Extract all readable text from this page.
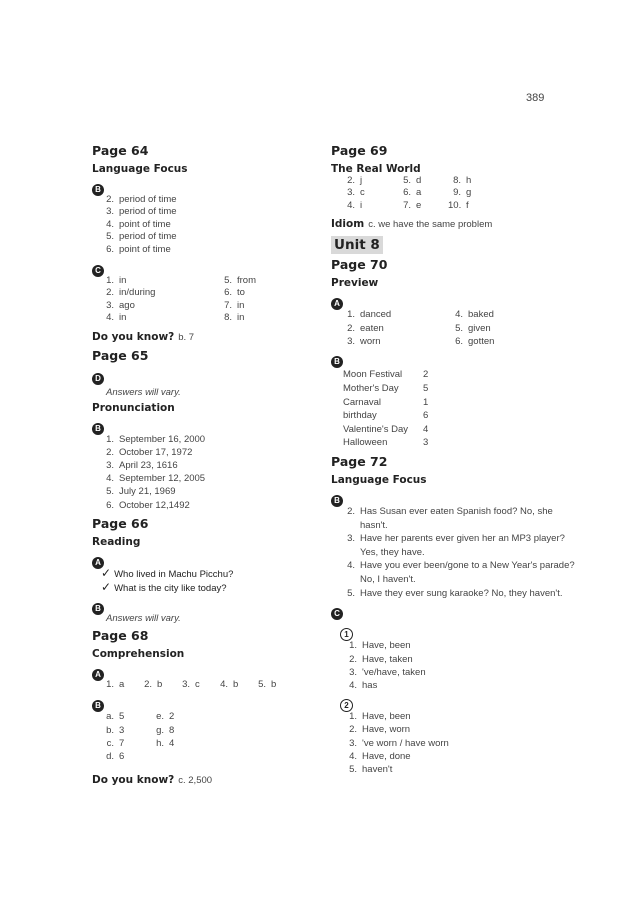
389
Page 64
Language Focus
B
2. period of time
3. period of time
4. point of time
5. period of time
6. point of time
C
1. in	5. from
2. in/during	6. to
3. ago	7. in
4. in	8. in
Do you know? b. 7
Page 65
D
Answers will vary.
Pronunciation
B
1. September 16, 2000
2. October 17, 1972
3. April 23, 1616
4. September 12, 2005
5. July 21, 1969
6. October 12,1492
Page 66
Reading
A
✓ Who lived in Machu Picchu?
✓ What is the city like today?
B
Answers will vary.
Page 68
Comprehension
A
1. a 2. b 3. c 4. b 5. b
B
a. 5	e. 2
b. 3	g. 8
c. 7	h. 4
d. 6
Do you know? c. 2,500
Page 69
The Real World
2. j	5. d	8. h
3. c	6. a	9. g
4. i	7. e	10. f
Idiom c. we have the same problem
Unit 8
Page 70
Preview
A
1. danced	4. baked
2. eaten	5. given
3. worn	6. gotten
B
Moon Festival	2
Mother's Day	5
Carnaval	1
birthday	6
Valentine's Day	4
Halloween	3
Page 72
Language Focus
B
2. Has Susan ever eaten Spanish food? No, she hasn't.
3. Have her parents ever given her an MP3 player? Yes, they have.
4. Have you ever been/gone to a New Year's parade? No, I haven't.
5. Have they ever sung karaoke? No, they haven't.
C
1
1. Have, been
2. Have, taken
3. 've/have, taken
4. has
2
1. Have, been
2. Have, worn
3. 've worn / have worn
4. Have, done
5. haven't
